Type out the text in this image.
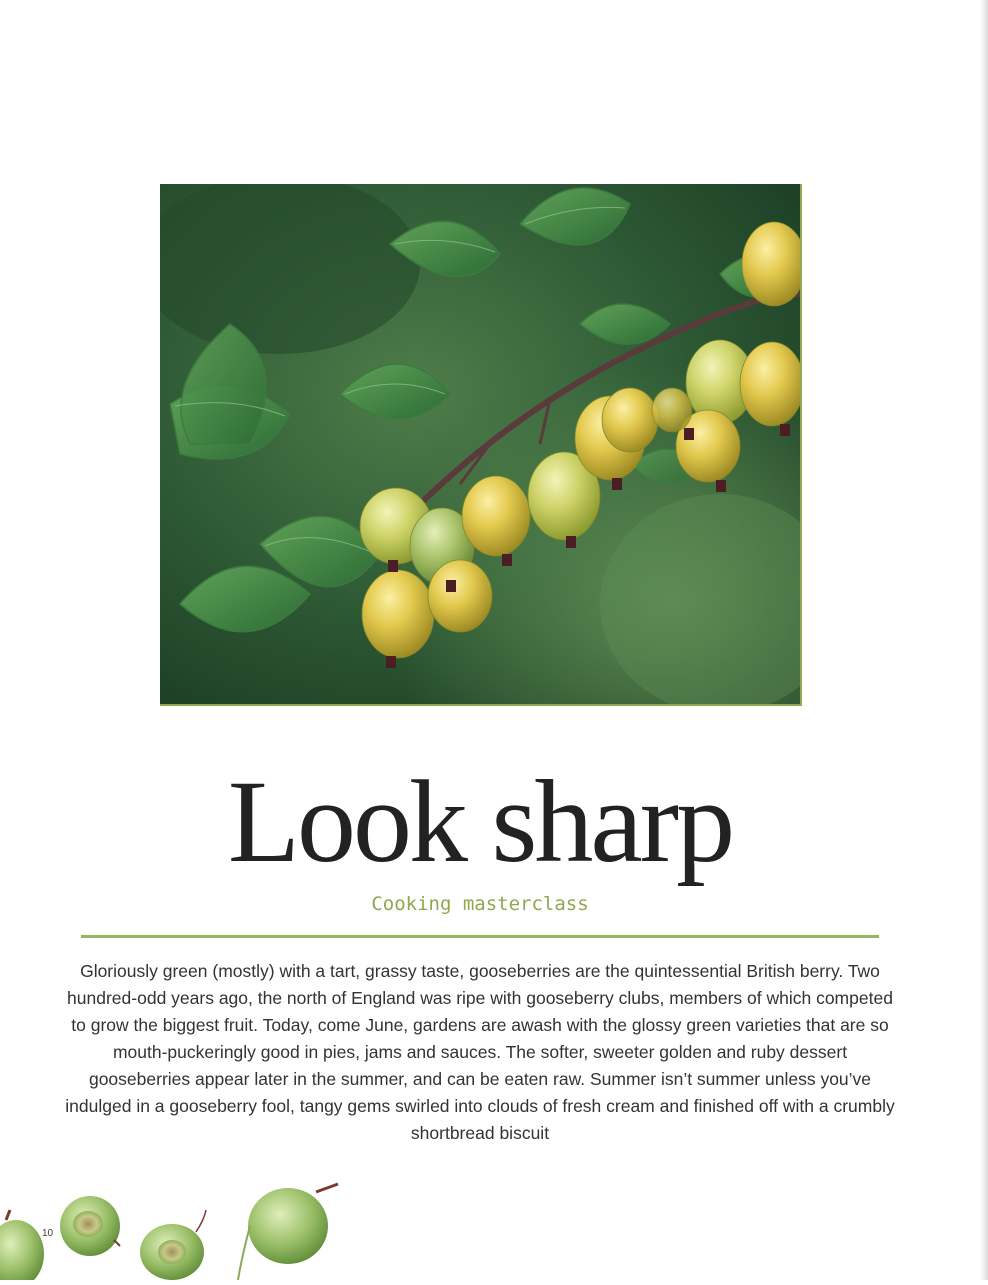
Look sharp
Cooking masterclass

Gloriously green (mostly) with a tart, grassy taste, gooseberries are the quintessential British berry. Two hundred-odd years ago, the north of England was ripe with gooseberry clubs, members of which competed to grow the biggest fruit. Today, come June, gardens are awash with the glossy green varieties that are so mouth-puckeringly good in pies, jams and sauces. The softer, sweeter golden and ruby dessert gooseberries appear later in the summer, and can be eaten raw. Summer isn’t summer unless you’ve indulged in a gooseberry fool, tangy gems swirled into clouds of fresh cream and finished off with a crumbly shortbread biscuit

10
